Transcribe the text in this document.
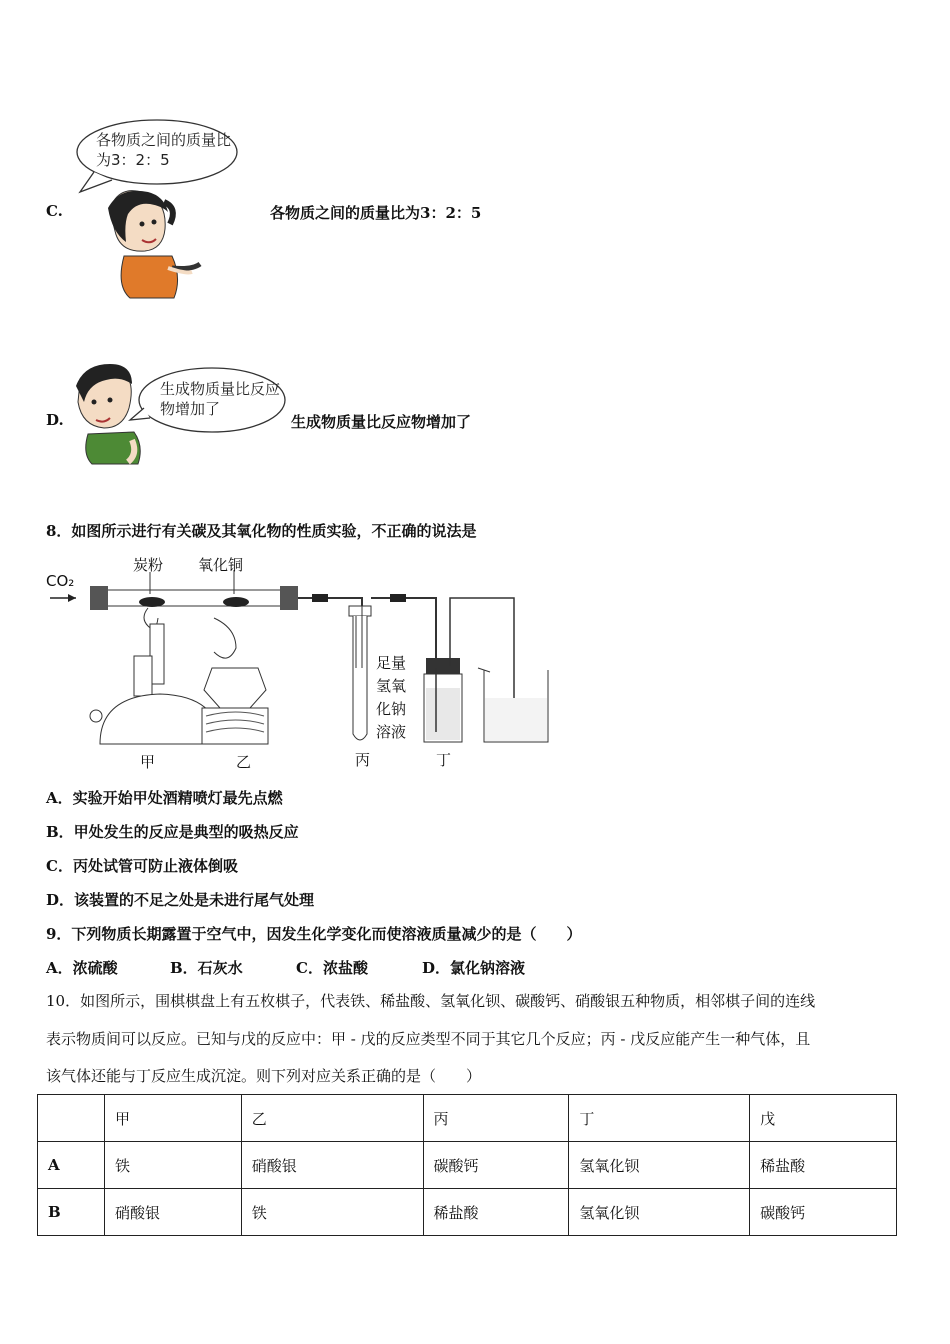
C.
各物质之间的质量比为3：2：5
各物质之间的质量比为3：2：5
D.
生成物质量比反应物增加了
生成物质量比反应物增加了
8．如图所示进行有关碳及其氧化物的性质实验，不正确的说法是
CO₂
炭粉 氧化铜
足量
氢氧
化钠
溶液
甲	乙	丙	丁
A．实验开始甲处酒精喷灯最先点燃
B．甲处发生的反应是典型的吸热反应
C．丙处试管可防止液体倒吸
D．该装置的不足之处是未进行尾气处理
9．下列物质长期露置于空气中，因发生化学变化而使溶液质量减少的是（　　）
A．浓硫酸	B．石灰水	C．浓盐酸	D．氯化钠溶液
10．如图所示，围棋棋盘上有五枚棋子，代表铁、稀盐酸、氢氧化钡、碳酸钙、硝酸银五种物质，相邻棋子间的连线
表示物质间可以反应。已知与戊的反应中：甲 - 戊的反应类型不同于其它几个反应；丙 - 戊反应能产生一种气体，且
该气体还能与丁反应生成沉淀。则下列对应关系正确的是（　　）
	甲	乙	丙	丁	戊
A	铁	硝酸银	碳酸钙	氢氧化钡	稀盐酸
B	硝酸银	铁	稀盐酸	氢氧化钡	碳酸钙
